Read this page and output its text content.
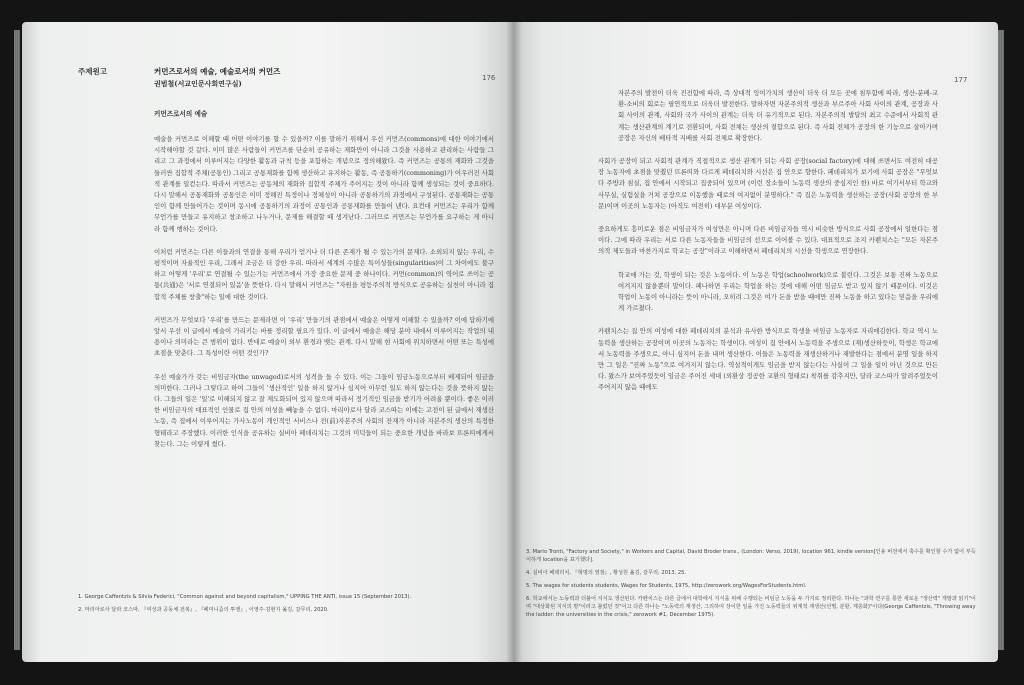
주제원고	커먼즈로서의 예술, 예술로서의 커먼즈

권범철(서교인문사회연구실)

176

커먼즈로서의 예술

예술을 커먼즈로 이해할 때 어떤 이야기를 할 수 있을까? 이를 말하기 위해서 우선 커먼즈(commons)에 대한 이야기에서 시작해야할 것 같다. 이미 많은 사람들이 커먼즈를 단순히 공유하는 재화만이 아니라 그것을 사용하고 관리하는 사람들 그리고 그 과정에서 이루어지는 다양한 활동과 규칙 등을 포함하는 개념으로 정의해왔다. 즉 커먼즈는 공통의 재화와 그것을 둘러싼 집합적 주체(공통인) 그리고 공통재화를 함께 생산하고 유지하는 활동, 즉 공통하기(commoning)가 어우러진 사회적 관계를 일컫는다. 따라서 커먼즈는 공동체의 재화와 집합적 주체가 주어지는 것이 아니라 함께 생성되는 것이 중요하다. 다시 말해서 공통재화와 공통인은 이미 정해진 특정이나 정체성이 아니라 공통하기의 과정에서 구성된다. 공통재화는 공통인이 함께 만들어가는 것이며 동시에 공통하기의 과정이 공통인과 공통재화를 만들어 낸다. 요컨대 커먼즈는 우리가 함께 무언가를 만들고 유지하고 창조하고 나누거나, 문제를 해결할 때 생겨난다. 그러므로 커먼즈는 무언가를 요구하는 게 아니라 함께 행하는 것이다.

이처럼 커먼즈는 다른 이들과의 연결을 통해 우리가 얻거나 더 다른 존재가 될 수 있는가의 문제다. 소외되지 않는 우리, 수평적이며 자율적인 우리, 그래서 조금은 더 강한 우리. 따라서 세계의 수많은 특이성들(singularities)이 그 차이에도 불구하고 어떻게 '우리'로 연결될 수 있는가는 커먼즈에서 가장 중요한 문제 중 하나이다. 커먼(common)의 역어로 쓰이는 공통(共通)은 '서로 연결되어 있음'을 뜻한다. 다시 말해서 커먼즈는 "자원을 평등주의적 방식으로 공유하는 실천이 아니라 집합적 주체를 창출"하는 일에 대한 것이다.

커먼즈가 무엇보다 '우리'를 만드는 문제라면 이 '우리' 만들기의 관점에서 예술은 어떻게 이해할 수 있을까? 이에 답하기에 앞서 우선 이 글에서 예술이 가리키는 바를 정리할 필요가 있다. 이 글에서 예술은 해당 분야 내에서 이루어지는 작업의 내용이나 의미라는 큰 범위이 없다. 반대로 예술이 외부 환경과 맺는 관계. 다시 말해 현 사회에 위치하면서 어떤 또는 특성에 초점을 맞춘다. 그 특성이란 어떤 것인가?

우선 예술가가 갖는 비임금자(the unwaged)로서의 성격을 들 수 있다. 이는 그들이 임금노동으로부터 배제되어 임금을 의미한다. 그러나 그렇다고 하여 그들이 '생산적인' 일을 하지 않거나 심지어 아무런 일도 하지 않는다는 것을 뜻하지 않는다. 그들의 일은 '일'로 이해되지 않고 잘 제도화되어 있지 않으며 따라서 정기적인 임금을 받기가 어려울 뿐이다. 좋은 이러한 비임금자의 대표적인 인물로 집 안의 여성을 빼놓을 수 없다. 마리아로사 달라 코스따는 이에는 고전이 된 글에서 재생산 노동, 즉 집에서 이루어지는 가사노동이 개인적인 서비스나 전(前)자본주의 사회의 잔재가 아니라 자본주의 생산의 특정한 형태라고 주장했다. 이러한 인식을 공유하는 실비아 페데리치는 그것의 미덕들이 되는 중요한 개념을 바라보 뜨론띠에게서 찾는다. 그는 이렇게 썼다.

1. George Caffentzis & Silvia Federici, "Common against and beyond capitalism," UPPING THE ANTI, issue 15 (September 2013).

2. 마리아로사 달라 코스따, 『여성과 공동체 전복』, 『페미니즘의 투쟁』, 이영주·김현지 옮김, 갈무리, 2020.

177

자본주의 발전이 더욱 진전함에 따라, 즉 상대적 잉여가치의 생산이 더욱 더 모든 곳에 침투함에 따라, 생산-분배-교환-소비의 회로는 필연적으로 더욱더 발전한다. 말하자면 자본주의적 생산과 부르주아 사회 사이의 관계, 공장과 사회 사이의 관계, 사회와 국가 사이의 관계는 더욱 더 유기적으로 된다. 자본주의적 발달의 최고 수준에서 사회적 관계는 생산관계의 계기로 전환되며, 사회 전체는 생산의 절합으로 된다. 즉 사회 전체가 공장의 한 기능으로 살아가며 공장은 자신의 배타적 지배를 사회 전체로 확장한다.

사회가 공장이 되고 사회적 관계가 직접적으로 생산 관계가 되는 사회 공장(social factory)에 대해 쓰면서도 여전히 대공장 노동자에 초점을 맞췄던 뜨론띠와 다르게 페데리치와 시선은 집 안으로 향한다. 페데리치가 보기에 사회 공장은 "무엇보다 주방과 침실, 집 안에서 시작되고 집중되어 있으며 (이런 장소들이 노동력 생산의 중심지인 한) 바로 여기서부터 학교와 사무실, 실험실을 거쳐 공장으로 이동했을 때로의 여지없이 분명하다." 즉 집은 노동력을 생산하는 공장(사회 공장의 한 부문)이며 이곳의 노동자는 (아직도 여전히) 대부분 여성이다.

중요하게도 흥미로운 점은 비임금자가 여성만은 아니며 다른 비임금자들 역시 비슷한 방식으로 사회 공장에서 일한다는 점이다. 그에 따라 우리는 서로 다른 노동자들을 비임금의 선으로 이어볼 수 있다. 대표적으로 조지 카펜치스는 "모든 자본주의적 제도들과 마찬가지로 학교는 공장"이라고 이해하면서 페데리치의 시선을 학생으로 연장한다.

학교에 가는 것, 학생이 되는 것은 노동이다. 이 노동은 학업(schoolwork)으로 불린다. 그것은 보통 진짜 노동으로 여겨지지 않을뿐더 말이다. 페나하면 우리는 학업을 하는 것에 대해 어떤 임금도 받고 있지 않기 때문이다. 이것은 학업이 노동이 아니라는 뜻이 아니라, 오히려 그것은 여가 돈을 받을 때에만 진짜 노동을 하고 있다는 믿음을 우리에게 가르쳤다.

카펜치스는 집 안의 여성에 대한 페데리치의 분석과 유사한 방식으로 학생을 비임금 노동자로 자리매김한다. 학교 역시 노동력을 생산하는 공장이며 이곳의 노동자는 학생이다. 여성이 집 안에서 노동력을 주생으로 (재)생산하듯이, 학생은 학교에서 노동력을 주생으로, 아니 심지어 돈을 내며 생산한다. 이들은 노동력을 재생산하거나 재발한다는 점에서 분명 일을 하지만 그 일은 "진짜 노동"으로 여겨지지 않는다. 역설적이게도 임금을 받지 않는다는 사실이 그 일을 일이 아닌 것으로 만든다. 왔스가 보여주었듯이 임금은 주어진 세대 (외환상 정공한 교환의 형태로) 착취를 감추지만, 달라 코스따가 알려주었듯이 주어지지 않음 때에도

3. Mario Tronti, "Factory and Society," in Workers and Capital, David Broder trans., (London: Verso, 2019), location 961, kindle version[인용 버전에서 축수를 확인할 수가 없어 부득이하게 location을 표기했다].

4. 실비아 페데리치, 『혁명의 영점』, 황성원 옮김, 갈무리, 2013, 25.

5. The wages for students students, Wages for Students, 1975, http://zerowork.org/WagesForStudents.html.

6. 학교에서는 노동력과 더불어 지식도 생산된다. 카펜치스는 다른 글에서 대학에서 지식을 위해 수행되는 비임금 노동을 두 가지로 정리한다. 하나는 "과학 연구를 통한 새로운 "생산력" 개발과 읽기"이며 "대상화된 지식의 방"이라고 불렀던 것"이고 다른 하나는 "노동력의 재생산, 그리하여 상이한 일을 가진 노동력들의 위계적 재생산(선별, 분할, 계층화)"이다(George Caffentzis, "Throwing away the ladder: the universities in the crisis," zerowork #1, December 1975).
